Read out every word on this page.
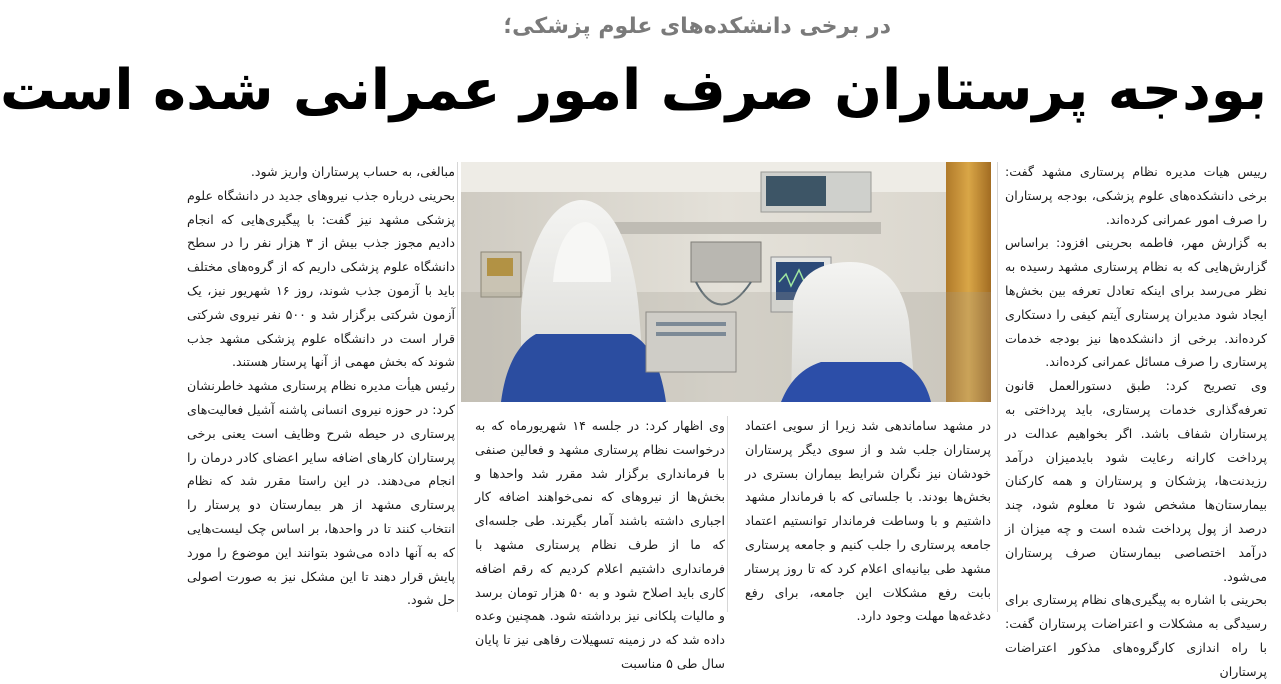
در برخی دانشکده‌های علوم پزشکی؛
بودجه پرستاران صرف امور عمرانی شده است

رییس هیات مدیره نظام پرستاری مشهد گفت: برخی دانشکده‌های علوم پزشکی، بودجه پرستاران را صرف امور عمرانی کرده‌اند.

به گزارش مهر، فاطمه بحرینی افزود: براساس گزارش‌هایی که به نظام پرستاری مشهد رسیده به نظر می‌رسد برای اینکه تعادل تعرفه بین بخش‌ها ایجاد شود مدیران پرستاری آیتم کیفی را دستکاری کرده‌اند. برخی از دانشکده‌ها نیز بودجه خدمات پرستاری را صرف مسائل عمرانی کرده‌اند.

وی تصریح کرد: طبق دستورالعمل قانون تعرفه‌گذاری خدمات پرستاری، باید پرداختی به پرستاران شفاف باشد. اگر بخواهیم عدالت در پرداخت کارانه رعایت شود بایدمیزان درآمد رزیدنت‌ها، پزشکان و پرستاران و همه کارکنان بیمارستان‌ها مشخص شود تا معلوم شود، چند درصد از پول پرداخت شده است و چه میزان از درآمد اختصاصی بیمارستان صرف پرستاران می‌شود.

بحرینی با اشاره به پیگیری‌های نظام پرستاری برای رسیدگی به مشکلات و اعتراضات پرستاران گفت: با راه اندازی کارگروه‌های مذکور اعتراضات پرستاران

در مشهد ساماندهی شد زیرا از سویی اعتماد پرستاران جلب شد و از سوی دیگر پرستاران خودشان نیز نگران شرایط بیماران بستری در بخش‌ها بودند. با جلساتی که با فرماندار مشهد داشتیم و با وساطت فرماندار توانستیم اعتماد جامعه پرستاری را جلب کنیم و جامعه پرستاری مشهد طی بیانیه‌ای اعلام کرد که تا روز پرستار بابت رفع مشکلات این جامعه، برای رفع دغدغه‌ها مهلت وجود دارد.

وی اظهار کرد: در جلسه ۱۴ شهریورماه که به درخواست نظام پرستاری مشهد و فعالین صنفی با فرمانداری برگزار شد مقرر شد واحدها و بخش‌ها از نیروهای که نمی‌خواهند اضافه کار اجباری داشته باشند آمار بگیرند. طی جلسه‌ای که ما از طرف نظام پرستاری مشهد با فرمانداری داشتیم اعلام کردیم که رقم اضافه کاری باید اصلاح شود و به ۵۰ هزار تومان برسد و مالیات پلکانی نیز برداشته شود. همچنین وعده داده شد که در زمینه تسهیلات رفاهی نیز تا پایان سال طی ۵ مناسبت

مبالغی، به حساب پرستاران واریز شود.

بحرینی درباره جذب نیروهای جدید در دانشگاه علوم پزشکی مشهد نیز گفت: با پیگیری‌هایی که انجام دادیم مجوز جذب بیش از ۳ هزار نفر را در سطح دانشگاه علوم پزشکی داریم که از گروه‌های مختلف باید با آزمون جذب شوند، روز ۱۶ شهریور نیز، یک آزمون شرکتی برگزار شد و ۵۰۰ نفر نیروی شرکتی قرار است در دانشگاه علوم پزشکی مشهد جذب شوند که بخش مهمی از آنها پرستار هستند.

رئیس هیأت مدیره نظام پرستاری مشهد خاطرنشان کرد: در حوزه نیروی انسانی پاشنه آشیل فعالیت‌های پرستاری در حیطه شرح وظایف است یعنی برخی پرستاران کارهای اضافه سایر اعضای کادر درمان را انجام می‌دهند. در این راستا مقرر شد که نظام پرستاری مشهد از هر بیمارستان دو پرستار را انتخاب کنند تا در واحدها، بر اساس چک لیست‌هایی که به آنها داده می‌شود بتوانند این موضوع را مورد پایش قرار دهند تا این مشکل نیز به صورت اصولی حل شود.
